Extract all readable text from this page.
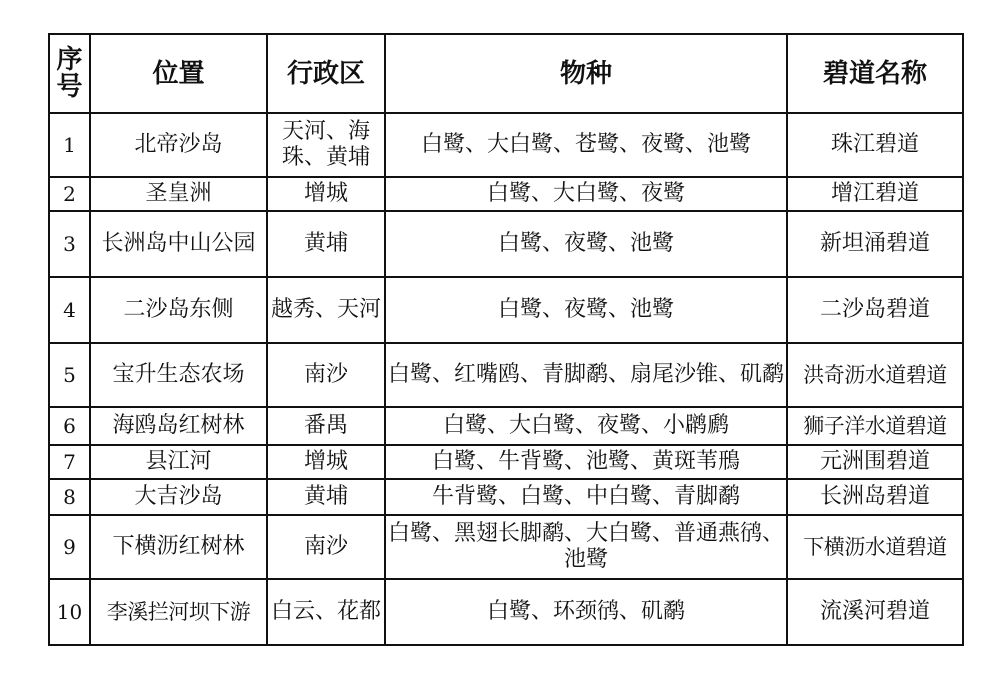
序
号	位置	行政区	物种	碧道名称
1	北帝沙岛	天河、海珠、黄埔	白鹭、大白鹭、苍鹭、夜鹭、池鹭	珠江碧道
2	圣皇洲	增城	白鹭、大白鹭、夜鹭	增江碧道
3	长洲岛中山公园	黄埔	白鹭、夜鹭、池鹭	新坦涌碧道
4	二沙岛东侧	越秀、天河	白鹭、夜鹭、池鹭	二沙岛碧道
5	宝升生态农场	南沙	白鹭、红嘴鸥、青脚鹬、扇尾沙锥、矶鹬	洪奇沥水道碧道
6	海鸥岛红树林	番禺	白鹭、大白鹭、夜鹭、小䴙䴘	狮子洋水道碧道
7	县江河	增城	白鹭、牛背鹭、池鹭、黄斑苇鳽	元洲围碧道
8	大吉沙岛	黄埔	牛背鹭、白鹭、中白鹭、青脚鹬	长洲岛碧道
9	下横沥红树林	南沙	白鹭、黑翅长脚鹬、大白鹭、普通燕鸻、池鹭	下横沥水道碧道
10	李溪拦河坝下游	白云、花都	白鹭、环颈鸻、矶鹬	流溪河碧道
